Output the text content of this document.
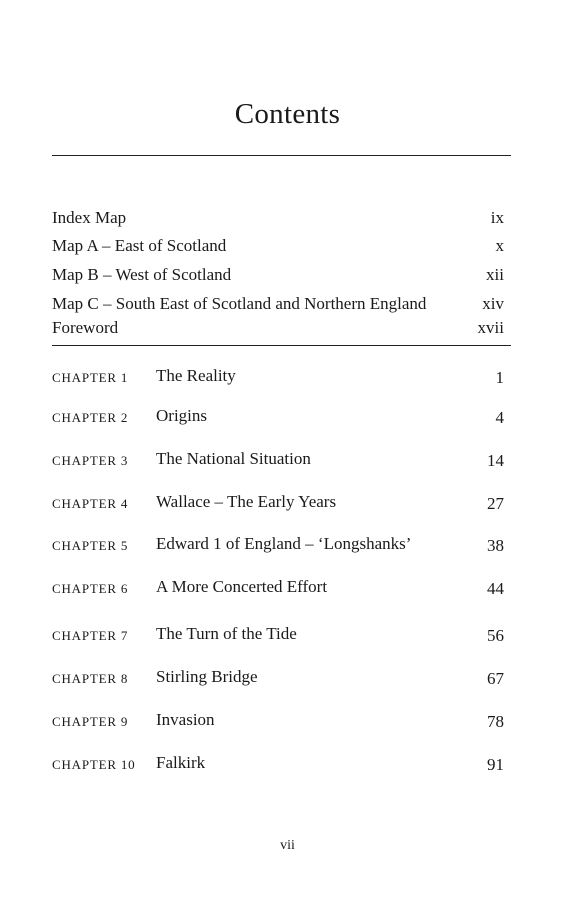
Contents
Index Map	ix
Map A – East of Scotland	x
Map B – West of Scotland	xii
Map C – South East of Scotland and Northern England	xiv
Foreword	xvii
CHAPTER 1 The Reality	1
CHAPTER 2 Origins	4
CHAPTER 3 The National Situation	14
CHAPTER 4 Wallace – The Early Years	27
CHAPTER 5 Edward 1 of England – ‘Longshanks’	38
CHAPTER 6 A More Concerted Effort	44
CHAPTER 7 The Turn of the Tide	56
CHAPTER 8 Stirling Bridge	67
CHAPTER 9 Invasion	78
CHAPTER 10 Falkirk	91
vii
